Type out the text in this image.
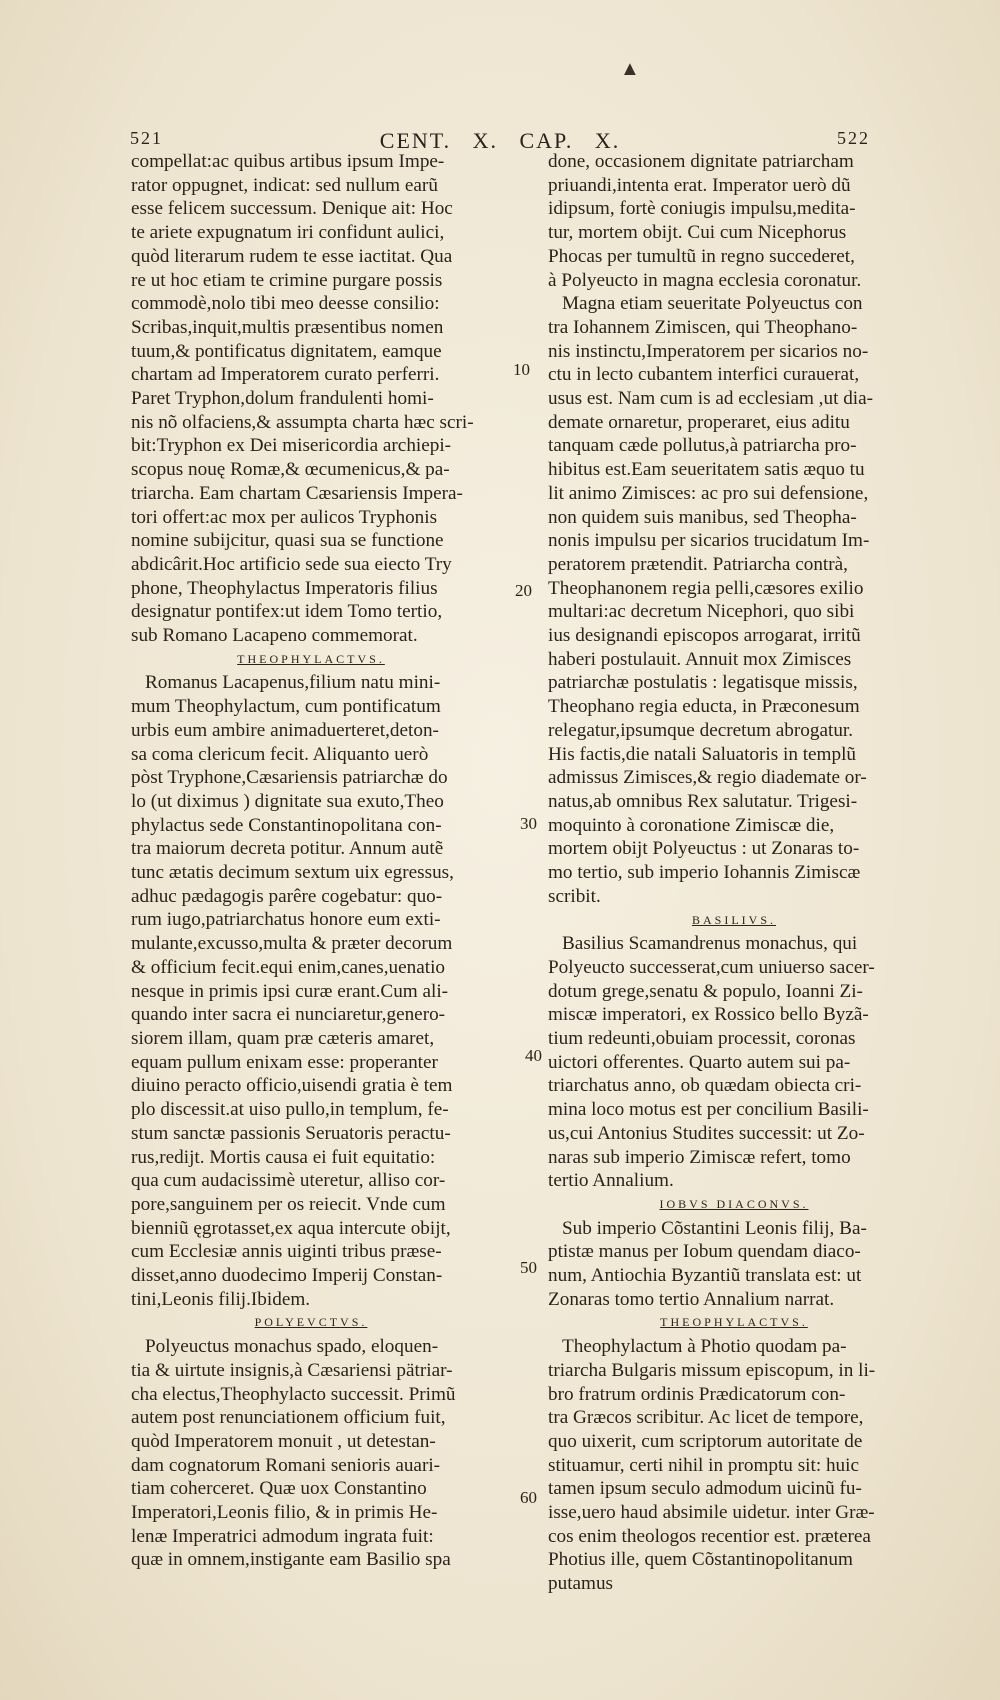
▲
521	CENT. X. CAP. X.	522
compellat:ac quibus artibus ipsum Impe-
rator oppugnet, indicat: sed nullum earũ
esse felicem successum. Denique ait: Hoc
te ariete expugnatum iri confidunt aulici,
quòd literarum rudem te esse iactitat. Qua
re ut hoc etiam te crimine purgare possis
commodè,nolo tibi meo deesse consilio:
Scribas,inquit,multis præsentibus nomen
tuum,& pontificatus dignitatem, eamque
chartam ad Imperatorem curato perferri.
Paret Tryphon,dolum frandulenti homi-
nis nõ olfaciens,& assumpta charta hæc scri-
bit:Tryphon ex Dei misericordia archiepi-
scopus nouę Romæ,& œcumenicus,& pa-
triarcha. Eam chartam Cæsariensis Impera-
tori offert:ac mox per aulicos Tryphonis
nomine subijcitur, quasi sua se functione
abdicârit.Hoc artificio sede sua eiecto Try
phone, Theophylactus Imperatoris filius
designatur pontifex:ut idem Tomo tertio,
sub Romano Lacapeno commemorat.
THEOPHYLACTVS.
Romanus Lacapenus,filium natu mini-
mum Theophylactum, cum pontificatum
urbis eum ambire animaduerteret,deton-
sa coma clericum fecit. Aliquanto uerò
pòst Tryphone,Cæsariensis patriarchæ do
lo (ut diximus ) dignitate sua exuto,Theo
phylactus sede Constantinopolitana con-
tra maiorum decreta potitur. Annum autẽ
tunc ætatis decimum sextum uix egressus,
adhuc pædagogis parêre cogebatur: quo-
rum iugo,patriarchatus honore eum exti-
mulante,excusso,multa & præter decorum
& officium fecit.equi enim,canes,uenatio
nesque in primis ipsi curæ erant.Cum ali-
quando inter sacra ei nunciaretur,genero-
siorem illam, quam præ cæteris amaret,
equam pullum enixam esse: properanter
diuino peracto officio,uisendi gratia è tem
plo discessit.at uiso pullo,in templum, fe-
stum sanctæ passionis Seruatoris peractu-
rus,redijt. Mortis causa ei fuit equitatio:
qua cum audacissimè uteretur, alliso cor-
pore,sanguinem per os reiecit. Vnde cum
bienniũ ęgrotasset,ex aqua intercute obijt,
cum Ecclesiæ annis uiginti tribus præse-
disset,anno duodecimo Imperij Constan-
tini,Leonis filij.Ibidem.
POLYEVCTVS.
Polyeuctus monachus spado, eloquen-
tia & uirtute insignis,à Cæsariensi pätriar-
cha electus,Theophylacto successit. Primũ
autem post renunciationem officium fuit,
quòd Imperatorem monuit , ut detestan-
dam cognatorum Romani senioris auari-
tiam coherceret. Quæ uox Constantino
Imperatori,Leonis filio, & in primis He-
lenæ Imperatrici admodum ingrata fuit:
quæ in omnem,instigante eam Basilio spa
done, occasionem dignitate patriarcham
priuandi,intenta erat. Imperator uerò dũ
idipsum, fortè coniugis impulsu,medita-
tur, mortem obijt. Cui cum Nicephorus
Phocas per tumultũ in regno succederet,
à Polyeucto in magna ecclesia coronatur.
Magna etiam seueritate Polyeuctus con
tra Iohannem Zimiscen, qui Theophano-
nis instinctu,Imperatorem per sicarios no-
ctu in lecto cubantem interfici curauerat,
usus est. Nam cum is ad ecclesiam ,ut dia-
demate ornaretur, properaret, eius aditu
tanquam cæde pollutus,à patriarcha pro-
hibitus est.Eam seueritatem satis æquo tu
lit animo Zimisces: ac pro sui defensione,
non quidem suis manibus, sed Theopha-
nonis impulsu per sicarios trucidatum Im-
peratorem prætendit. Patriarcha contrà,
Theophanonem regia pelli,cæsores exilio
multari:ac decretum Nicephori, quo sibi
ius designandi episcopos arrogarat, irritũ
haberi postulauit. Annuit mox Zimisces
patriarchæ postulatis : legatisque missis,
Theophano regia educta, in Præconesum
relegatur,ipsumque decretum abrogatur.
His factis,die natali Saluatoris in templũ
admissus Zimisces,& regio diademate or-
natus,ab omnibus Rex salutatur. Trigesi-
moquinto à coronatione Zimiscæ die,
mortem obijt Polyeuctus : ut Zonaras to-
mo tertio, sub imperio Iohannis Zimiscæ
scribit.
BASILIVS.
Basilius Scamandrenus monachus, qui
Polyeucto successerat,cum uniuerso sacer-
dotum grege,senatu & populo, Ioanni Zi-
miscæ imperatori, ex Rossico bello Byzã-
tium redeunti,obuiam processit, coronas
uictori offerentes. Quarto autem sui pa-
triarchatus anno, ob quædam obiecta cri-
mina loco motus est per concilium Basili-
us,cui Antonius Studites successit: ut Zo-
naras sub imperio Zimiscæ refert, tomo
tertio Annalium.
IOBVS DIACONVS.
Sub imperio Cõstantini Leonis filij, Ba-
ptistæ manus per Iobum quendam diaco-
num, Antiochia Byzantiũ translata est: ut
Zonaras tomo tertio Annalium narrat.
THEOPHYLACTVS.
Theophylactum à Photio quodam pa-
triarcha Bulgaris missum episcopum, in li-
bro fratrum ordinis Prædicatorum con-
tra Græcos scribitur. Ac licet de tempore,
quo uixerit, cum scriptorum autoritate de
stituamur, certi nihil in promptu sit: huic
tamen ipsum seculo admodum uicinũ fu-
isse,uero haud absimile uidetur. inter Græ-
cos enim theologos recentior est. præterea
Photius ille, quem Cõstantinopolitanum
putamus
10
20
30
40
50
60
